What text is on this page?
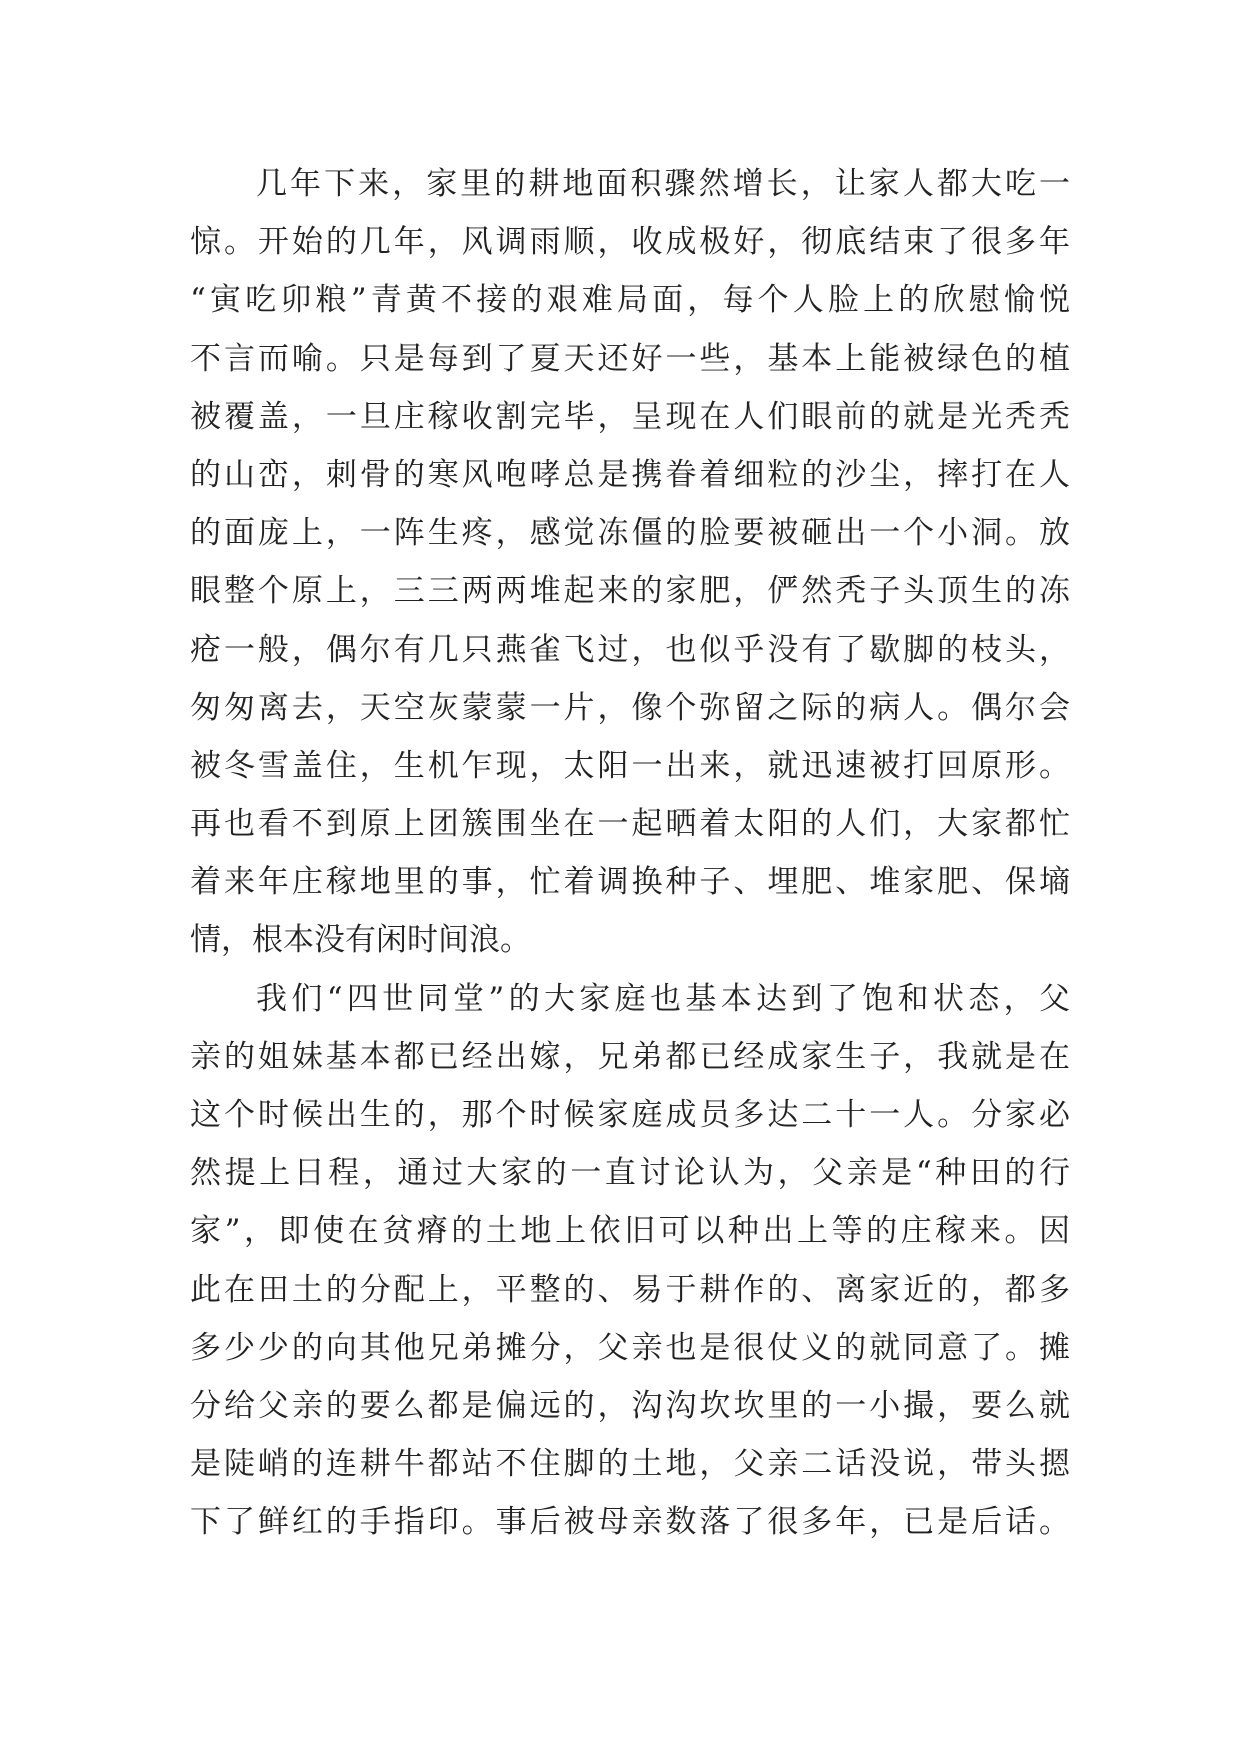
几年下来，家里的耕地面积骤然增长，让家人都大吃一
惊。开始的几年，风调雨顺，收成极好，彻底结束了很多年
“寅吃卯粮”青黄不接的艰难局面，每个人脸上的欣慰愉悦
不言而喻。只是每到了夏天还好一些，基本上能被绿色的植
被覆盖，一旦庄稼收割完毕，呈现在人们眼前的就是光秃秃
的山峦，刺骨的寒风咆哮总是携眷着细粒的沙尘，摔打在人
的面庞上，一阵生疼，感觉冻僵的脸要被砸出一个小洞。放
眼整个原上，三三两两堆起来的家肥，俨然秃子头顶生的冻
疮一般，偶尔有几只燕雀飞过，也似乎没有了歇脚的枝头，
匆匆离去，天空灰蒙蒙一片，像个弥留之际的病人。偶尔会
被冬雪盖住，生机乍现，太阳一出来，就迅速被打回原形。
再也看不到原上团簇围坐在一起晒着太阳的人们，大家都忙
着来年庄稼地里的事，忙着调换种子、埋肥、堆家肥、保墒
情，根本没有闲时间浪。
我们“四世同堂”的大家庭也基本达到了饱和状态，父
亲的姐妹基本都已经出嫁，兄弟都已经成家生子，我就是在
这个时候出生的，那个时候家庭成员多达二十一人。分家必
然提上日程，通过大家的一直讨论认为，父亲是“种田的行
家”，即使在贫瘠的土地上依旧可以种出上等的庄稼来。因
此在田土的分配上，平整的、易于耕作的、离家近的，都多
多少少的向其他兄弟摊分，父亲也是很仗义的就同意了。摊
分给父亲的要么都是偏远的，沟沟坎坎里的一小撮，要么就
是陡峭的连耕牛都站不住脚的土地，父亲二话没说，带头摁
下了鲜红的手指印。事后被母亲数落了很多年，已是后话。
